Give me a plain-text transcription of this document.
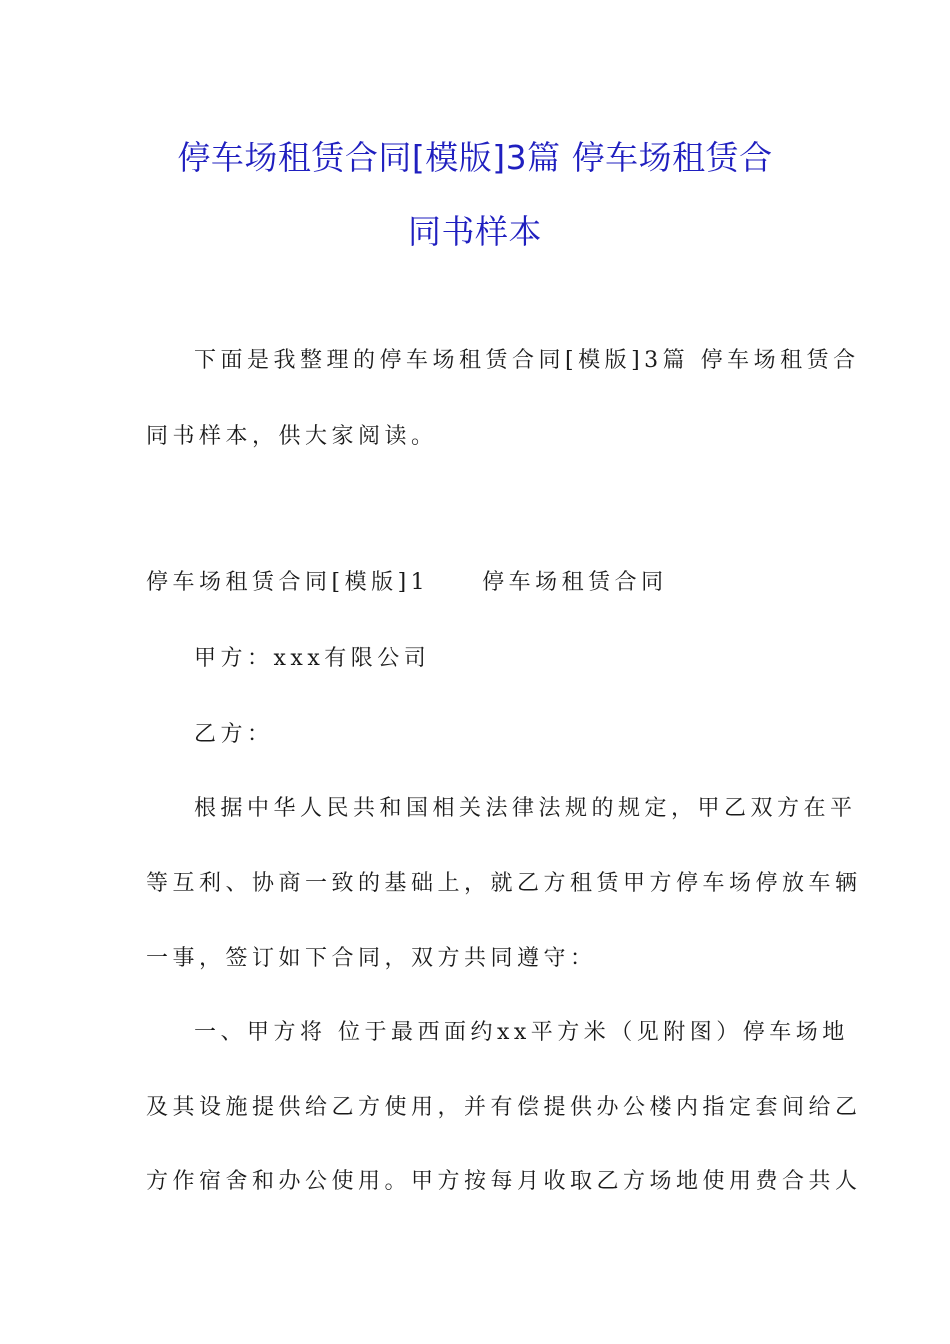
停车场租赁合同[模版]3篇 停车场租赁合
同书样本
下面是我整理的停车场租赁合同[模版]3篇 停车场租赁合
同书样本，供大家阅读。
停车场租赁合同[模版]1　　停车场租赁合同
甲方：xxx有限公司
乙方：
根据中华人民共和国相关法律法规的规定，甲乙双方在平
等互利、协商一致的基础上，就乙方租赁甲方停车场停放车辆
一事，签订如下合同，双方共同遵守：
一、甲方将 位于最西面约xx平方米（见附图）停车场地
及其设施提供给乙方使用，并有偿提供办公楼内指定套间给乙
方作宿舍和办公使用。甲方按每月收取乙方场地使用费合共人
